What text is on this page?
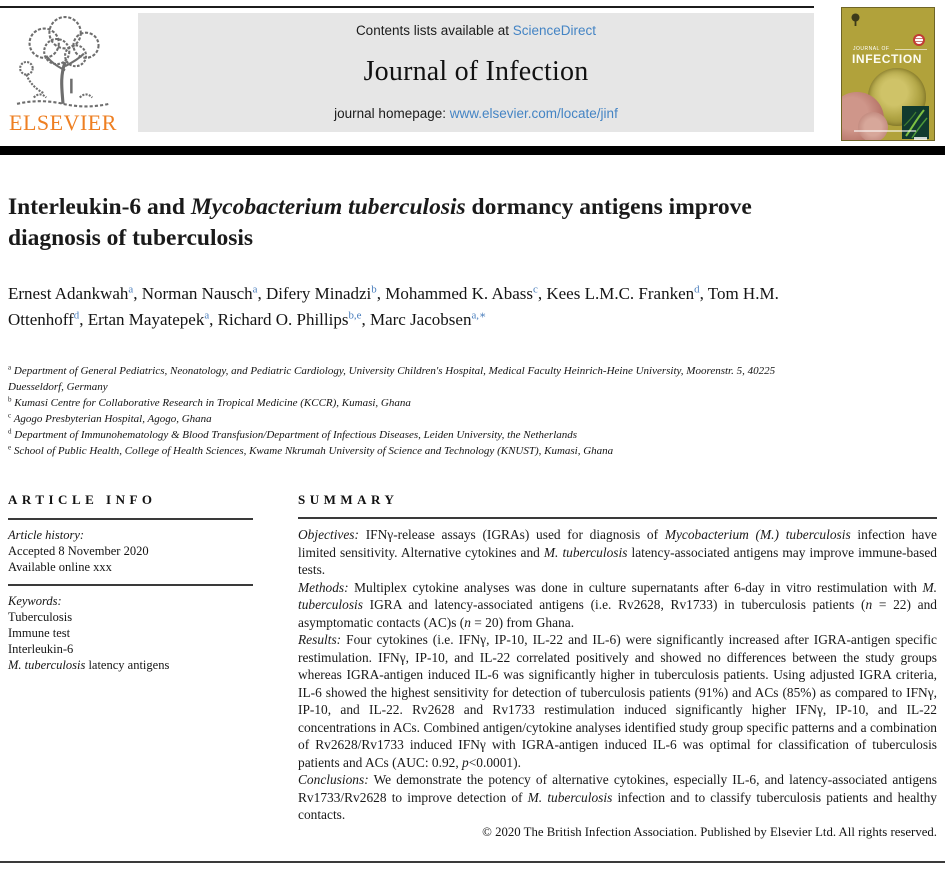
ELSEVIER
Contents lists available at ScienceDirect
Journal of Infection
journal homepage: www.elsevier.com/locate/jinf
JOURNAL OF
INFECTION
Interleukin-6 and Mycobacterium tuberculosis dormancy antigens improve diagnosis of tuberculosis
Ernest Adankwah$^a$, Norman Nausch$^a$, Difery Minadzi$^b$, Mohammed K. Abass$^c$, Kees L.M.C. Franken$^d$, Tom H.M. Ottenhoff$^d$, Ertan Mayatepek$^a$, Richard O. Phillips$^{b,e}$, Marc Jacobsen$^{a,∗}$
$^a$ Department of General Pediatrics, Neonatology, and Pediatric Cardiology, University Children's Hospital, Medical Faculty Heinrich-Heine University, Moorenstr. 5, 40225 Duesseldorf, Germany
$^b$ Kumasi Centre for Collaborative Research in Tropical Medicine (KCCR), Kumasi, Ghana
$^c$ Agogo Presbyterian Hospital, Agogo, Ghana
$^d$ Department of Immunohematology & Blood Transfusion/Department of Infectious Diseases, Leiden University, the Netherlands
$^e$ School of Public Health, College of Health Sciences, Kwame Nkrumah University of Science and Technology (KNUST), Kumasi, Ghana
ARTICLE INFO
Article history:
Accepted 8 November 2020
Available online xxx
Keywords:
Tuberculosis
Immune test
Interleukin-6
M. tuberculosis latency antigens
SUMMARY

Objectives: IFNγ-release assays (IGRAs) used for diagnosis of Mycobacterium (M.) tuberculosis infection have limited sensitivity. Alternative cytokines and M. tuberculosis latency-associated antigens may improve immune-based tests.

Methods: Multiplex cytokine analyses was done in culture supernatants after 6-day in vitro restimulation with M. tuberculosis IGRA and latency-associated antigens (i.e. Rv2628, Rv1733) in tuberculosis patients (n = 22) and asymptomatic contacts (AC)s (n = 20) from Ghana.

Results: Four cytokines (i.e. IFNγ, IP-10, IL-22 and IL-6) were significantly increased after IGRA-antigen specific restimulation. IFNγ, IP-10, and IL-22 correlated positively and showed no differences between the study groups whereas IGRA-antigen induced IL-6 was significantly higher in tuberculosis patients. Using adjusted IGRA criteria, IL-6 showed the highest sensitivity for detection of tuberculosis patients (91%) and ACs (85%) as compared to IFNγ, IP-10, and IL-22. Rv2628 and Rv1733 restimulation induced significantly higher IFNγ, IP-10, and IL-22 concentrations in ACs. Combined antigen/cytokine analyses identified study group specific patterns and a combination of Rv2628/Rv1733 induced IFNγ with IGRA-antigen induced IL-6 was optimal for classification of tuberculosis patients and ACs (AUC: 0.92, p<0.0001).

Conclusions: We demonstrate the potency of alternative cytokines, especially IL-6, and latency-associated antigens Rv1733/Rv2628 to improve detection of M. tuberculosis infection and to classify tuberculosis patients and healthy contacts.

© 2020 The British Infection Association. Published by Elsevier Ltd. All rights reserved.
